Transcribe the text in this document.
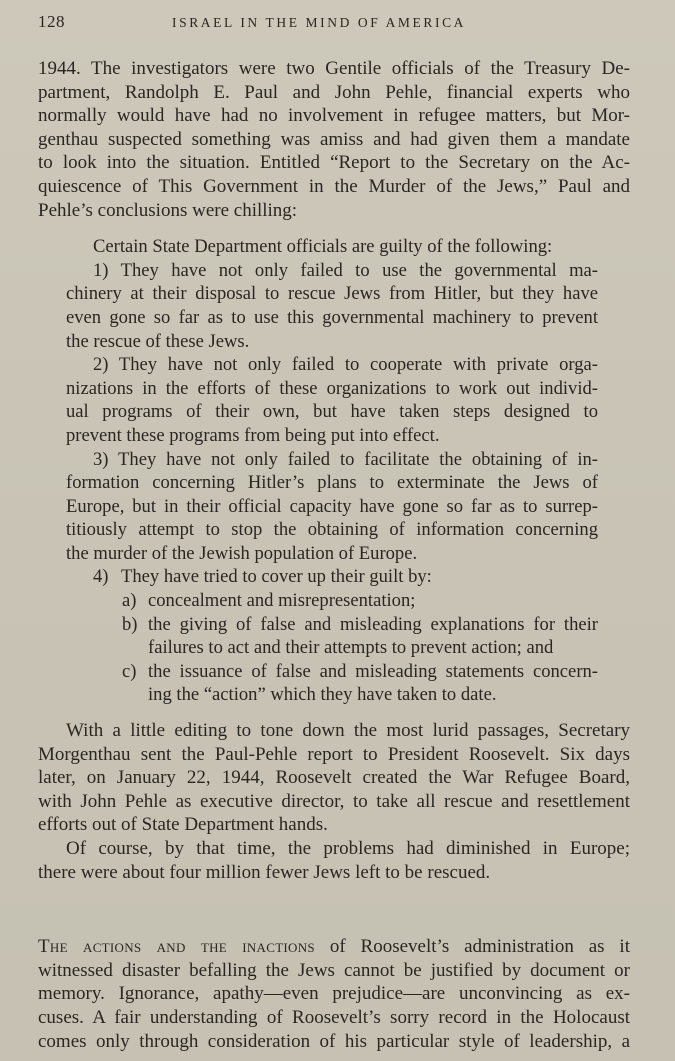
128	ISRAEL IN THE MIND OF AMERICA

1944. The investigators were two Gentile officials of the Treasury De-
partment, Randolph E. Paul and John Pehle, financial experts who
normally would have had no involvement in refugee matters, but Mor-
genthau suspected something was amiss and had given them a mandate
to look into the situation. Entitled “Report to the Secretary on the Ac-
quiescence of This Government in the Murder of the Jews,” Paul and
Pehle’s conclusions were chilling:

Certain State Department officials are guilty of the following:

1) They have not only failed to use the governmental ma-
chinery at their disposal to rescue Jews from Hitler, but they have
even gone so far as to use this governmental machinery to prevent
the rescue of these Jews.

2) They have not only failed to cooperate with private orga-
nizations in the efforts of these organizations to work out individ-
ual programs of their own, but have taken steps designed to
prevent these programs from being put into effect.

3) They have not only failed to facilitate the obtaining of in-
formation concerning Hitler’s plans to exterminate the Jews of
Europe, but in their official capacity have gone so far as to surrep-
titiously attempt to stop the obtaining of information concerning
the murder of the Jewish population of Europe.

4) They have tried to cover up their guilt by:

a) concealment and misrepresentation;

b) the giving of false and misleading explanations for their
failures to act and their attempts to prevent action; and

c) the issuance of false and misleading statements concern-
ing the “action” which they have taken to date.

With a little editing to tone down the most lurid passages, Secretary
Morgenthau sent the Paul-Pehle report to President Roosevelt. Six days
later, on January 22, 1944, Roosevelt created the War Refugee Board,
with John Pehle as executive director, to take all rescue and resettlement
efforts out of State Department hands.

Of course, by that time, the problems had diminished in Europe;
there were about four million fewer Jews left to be rescued.

The actions and the inactions of Roosevelt’s administration as it
witnessed disaster befalling the Jews cannot be justified by document or
memory. Ignorance, apathy—even prejudice—are unconvincing as ex-
cuses. A fair understanding of Roosevelt’s sorry record in the Holocaust
comes only through consideration of his particular style of leadership, a
